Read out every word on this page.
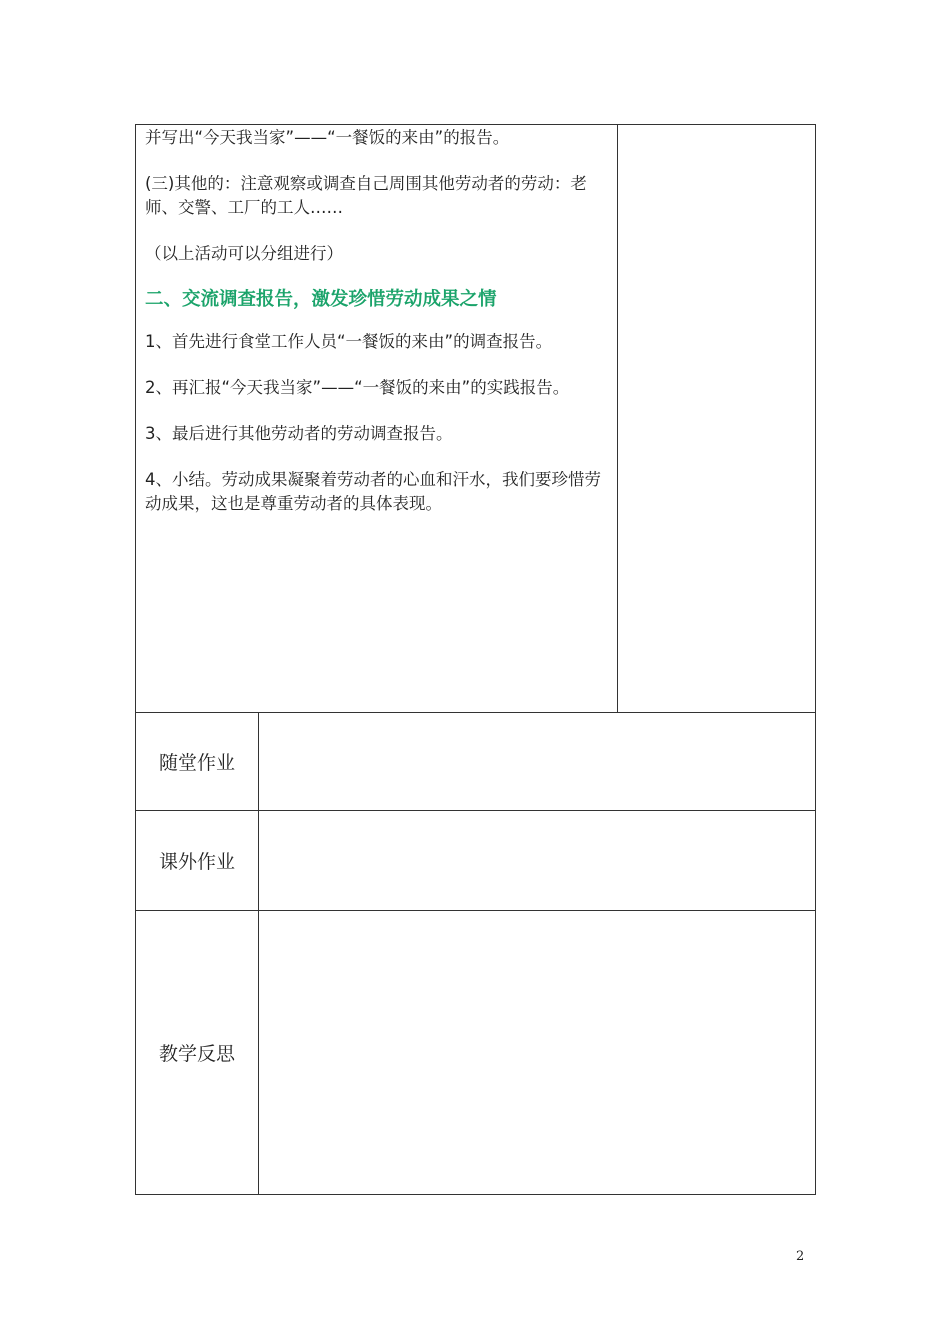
并写出“今天我当家”——“一餐饭的来由”的报告。

(三)其他的：注意观察或调查自己周围其他劳动者的劳动：老师、交警、工厂的工人……

（以上活动可以分组进行）

二、交流调查报告，激发珍惜劳动成果之情

1、首先进行食堂工作人员“一餐饭的来由”的调查报告。

2、再汇报“今天我当家”——“一餐饭的来由”的实践报告。

3、最后进行其他劳动者的劳动调查报告。

4、小结。劳动成果凝聚着劳动者的心血和汗水，我们要珍惜劳动成果，这也是尊重劳动者的具体表现。

随堂作业
课外作业
教学反思
2
